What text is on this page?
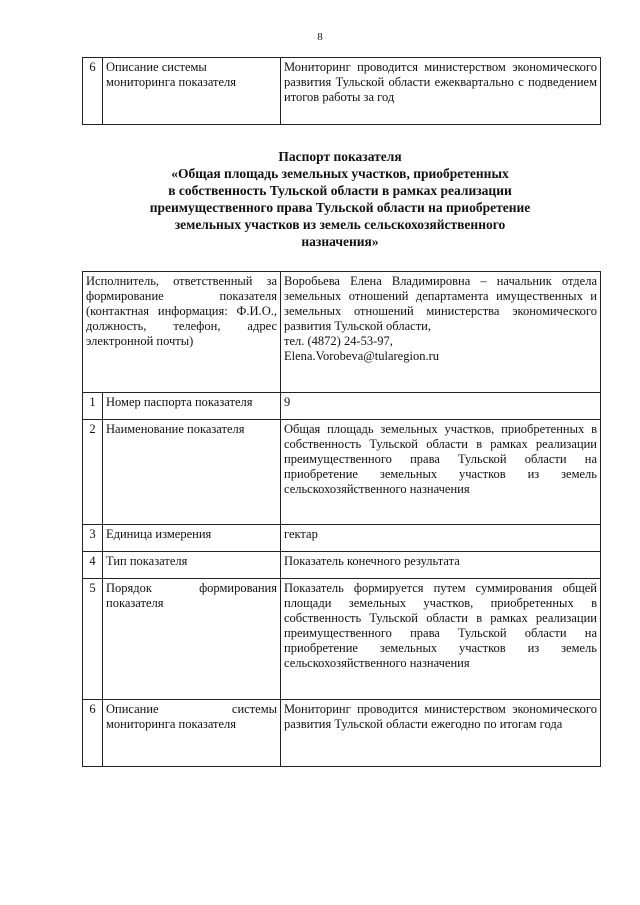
8
6	Описание системы мониторинга показателя	Мониторинг проводится министерством экономического развития Тульской области ежеквартально с подведением итогов работы за год
Паспорт показателя
«Общая площадь земельных участков, приобретенных
в собственность Тульской области в рамках реализации
преимущественного права Тульской области на приобретение
земельных участков из земель сельскохозяйственного
назначения»
Исполнитель, ответственный за формирование показателя (контактная информация: Ф.И.О., должность, телефон, адрес электронной почты)		Воробьева Елена Владимировна – начальник отдела земельных отношений департамента имущественных и земельных отношений министерства экономического развития Тульской области,
тел. (4872) 24-53-97,
Elena.Vorobeva@tularegion.ru

1	Номер паспорта показателя	9
2	Наименование показателя	Общая площадь земельных участков, приобретенных в собственность Тульской области в рамках реализации преимущественного права Тульской области на приобретение земельных участков из земель сельскохозяйственного назначения
3	Единица измерения	гектар
4	Тип показателя	Показатель конечного результата
5	Порядок формирования показателя	Показатель формируется путем суммирования общей площади земельных участков, приобретенных в собственность Тульской области в рамках реализации преимущественного права Тульской области на приобретение земельных участков из земель сельскохозяйственного назначения
6	Описание системы мониторинга показателя	Мониторинг проводится министерством экономического развития Тульской области ежегодно по итогам года
